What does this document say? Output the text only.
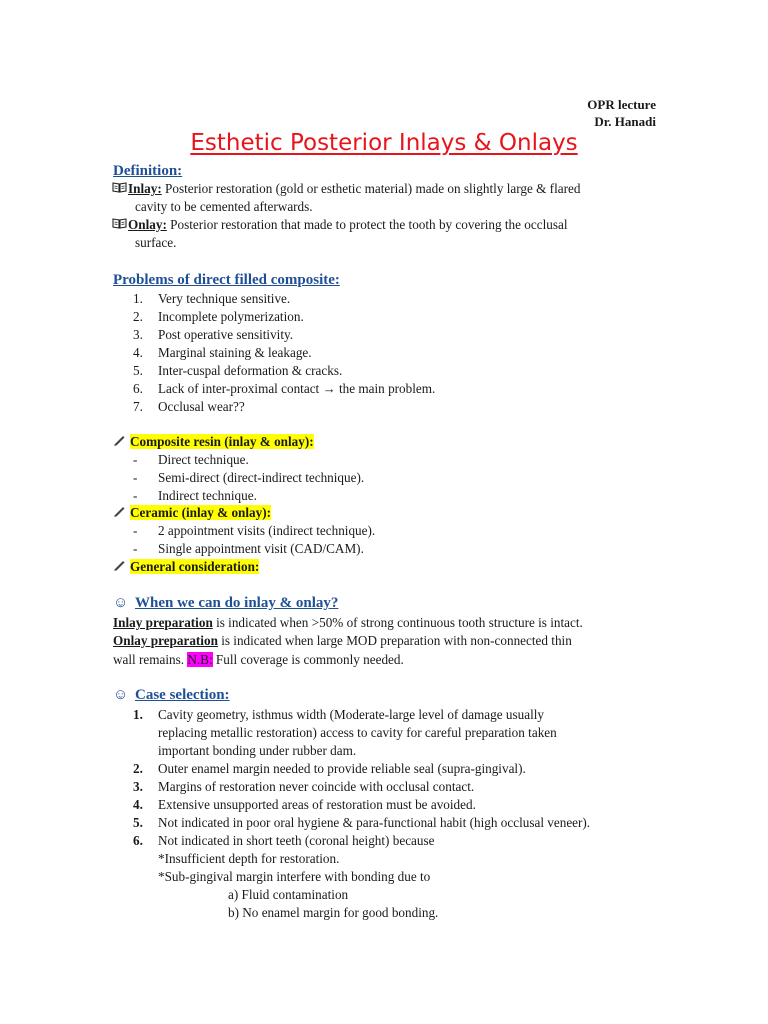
OPR lecture
Dr. Hanadi
Esthetic Posterior Inlays & Onlays
Definition:
Inlay: Posterior restoration (gold or esthetic material) made on slightly large & flared
cavity to be cemented afterwards.
Onlay: Posterior restoration that made to protect the tooth by covering the occlusal
surface.
Problems of direct filled composite:
1.	Very technique sensitive.
2.	Incomplete polymerization.
3.	Post operative sensitivity.
4.	Marginal staining & leakage.
5.	Inter-cuspal deformation & cracks.
6.	Lack of inter-proximal contact → the main problem.
7.	Occlusal wear??
Composite resin (inlay & onlay):
-	Direct technique.
-	Semi-direct (direct-indirect technique).
-	Indirect technique.
Ceramic (inlay & onlay):
-	2 appointment visits (indirect technique).
-	Single appointment visit (CAD/CAM).
General consideration:
☺ When we can do inlay & onlay?
Inlay preparation is indicated when >50% of strong continuous tooth structure is intact.
Onlay preparation is indicated when large MOD preparation with non-connected thin
wall remains. N.B: Full coverage is commonly needed.
☺ Case selection:
1. Cavity geometry, isthmus width (Moderate-large level of damage usually
replacing metallic restoration) access to cavity for careful preparation taken
important bonding under rubber dam.
2. Outer enamel margin needed to provide reliable seal (supra-gingival).
3. Margins of restoration never coincide with occlusal contact.
4. Extensive unsupported areas of restoration must be avoided.
5. Not indicated in poor oral hygiene & para-functional habit (high occlusal veneer).
6. Not indicated in short teeth (coronal height) because
*Insufficient depth for restoration.
*Sub-gingival margin interfere with bonding due to
a) Fluid contamination
b) No enamel margin for good bonding.
